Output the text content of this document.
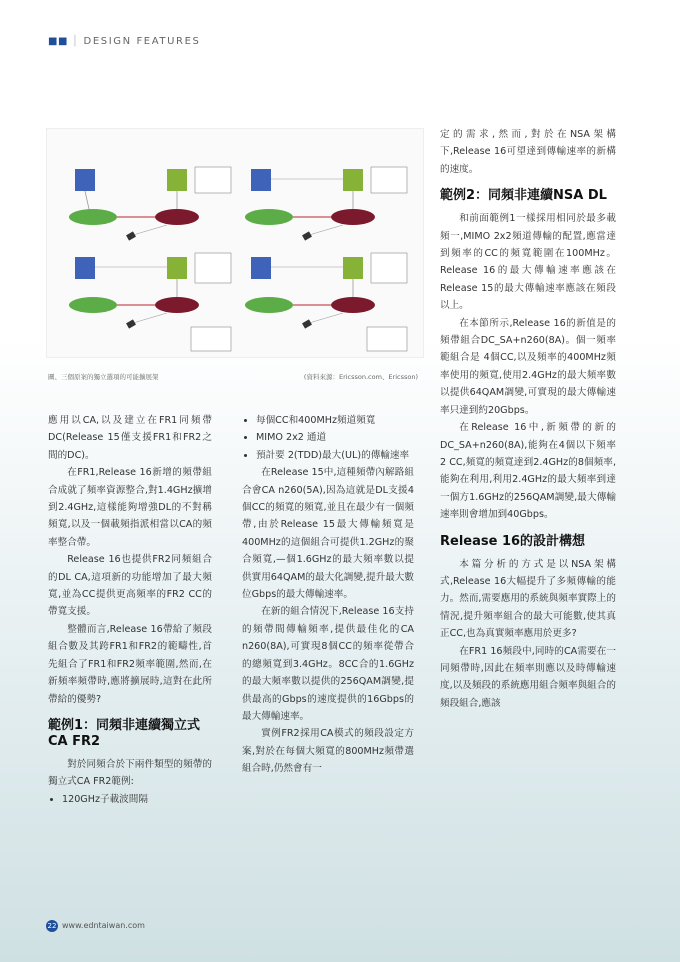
■■ │ DESIGN FEATURES
圖、三個原案的獨立選項的可能擴展架	(資料來源：Ericsson.com、Ericsson)

應用以CA,以及建立在FR1同頻帶DC(Release 15僅支援FR1和FR2之間的DC)。

在FR1,Release 16新增的頻帶組合成就了頻率資源整合,對1.4GHz擴增到2.4GHz,這樣能夠增強DL的不對稱頻寬,以及一個載頻指派相當以CA的頻率整合帶。

Release 16也提供FR2同頻組合的DL CA,這項新的功能增加了最大頻寬,並為CC提供更高頻率的FR2 CC的帶寬支援。

整體而言,Release 16帶給了頻段組合數及其跨FR1和FR2的範疇性,首先組合了FR1和FR2頻率範圍,然而,在新頻率頻帶時,應將擴展時,這對在此所帶給的優勢?

範例1：同頻非連續獨立式CA FR2

對於同頻合於下兩件類型的頻帶的獨立式CA FR2範例:

• 120GHz子載波間隔
• 每個CC和400MHz頻道頻寬
• MIMO 2x2 通道
• 預計要 2(TDD)最大(UL)的傳輸速率

在Release 15中,這種頻帶內解路組合會CA n260(5A),因為這就是DL支援4個CC的頻寬的頻寬,並且在最少有一個頻帶,由於Release 15最大傳輸頻寬是400MHz的這個組合可提供1.2GHz的聚合頻寬,—個1.6GHz的最大頻率數以提供實用64QAM的最大化調變,提升最大數位Gbps的最大傳輸速率。

在新的組合情況下,Release 16支持的頻帶間傳輸頻率,提供最佳化的CA n260(8A),可實現8個CC的頻率從帶合的總頻寬到3.4GHz。8CC合的1.6GHz的最大頻率數以提供的256QAM調變,提供最高的Gbps的速度提供的16Gbps的最大傳輸速率。

實例FR2採用CA模式的頻段設定方案,對於在每個大頻寬的800MHz頻帶選組合時,仍然會有一

定的需求,然而,對於在NSA架構下,Release 16可望達到傳輸速率的新構的速度。

範例2：同頻非連續NSA DL

和前面範例1一樣採用相同於最多載頻一,MIMO 2x2頻道傳輸的配置,應當達到頻率的CC的頻寬範圍在100MHz。Release 16的最大傳輸速率應該在Release 15的最大傳輸速率應該在頻段以上。

在本節所示,Release 16的新值是的頻帶組合DC_SA+n260(8A)。個一頻率範組合是 4個CC,以及頻率的400MHz頻率使用的頻寬,使用2.4GHz的最大頻率數以提供64QAM調變,可實現的最大傳輸速率只達到約20Gbps。

在Release 16中,新頻帶的新的DC_SA+n260(8A),能夠在4個以下頻率2 CC,頻寬的頻寬達到2.4GHz的8個頻率,能夠在利用,利用2.4GHz的最大頻率到達一個方1.6GHz的256QAM調變,最大傳輸速率則會增加到40Gbps。

Release 16的設計構想

本篇分析的方式是以NSA架構式,Release 16大幅提升了多頻傳輸的能力。然而,需要應用的系統與頻率實際上的情況,提升頻率組合的最大可能數,使其真正CC,也為真實頻率應用於更多?

在FR1 16頻段中,同時的CA需要在一同頻帶時,因此在頻率則應以及時傳輸速度,以及頻段的系統應用組合頻率與組合的頻段組合,應該

22 www.edntaiwan.com
